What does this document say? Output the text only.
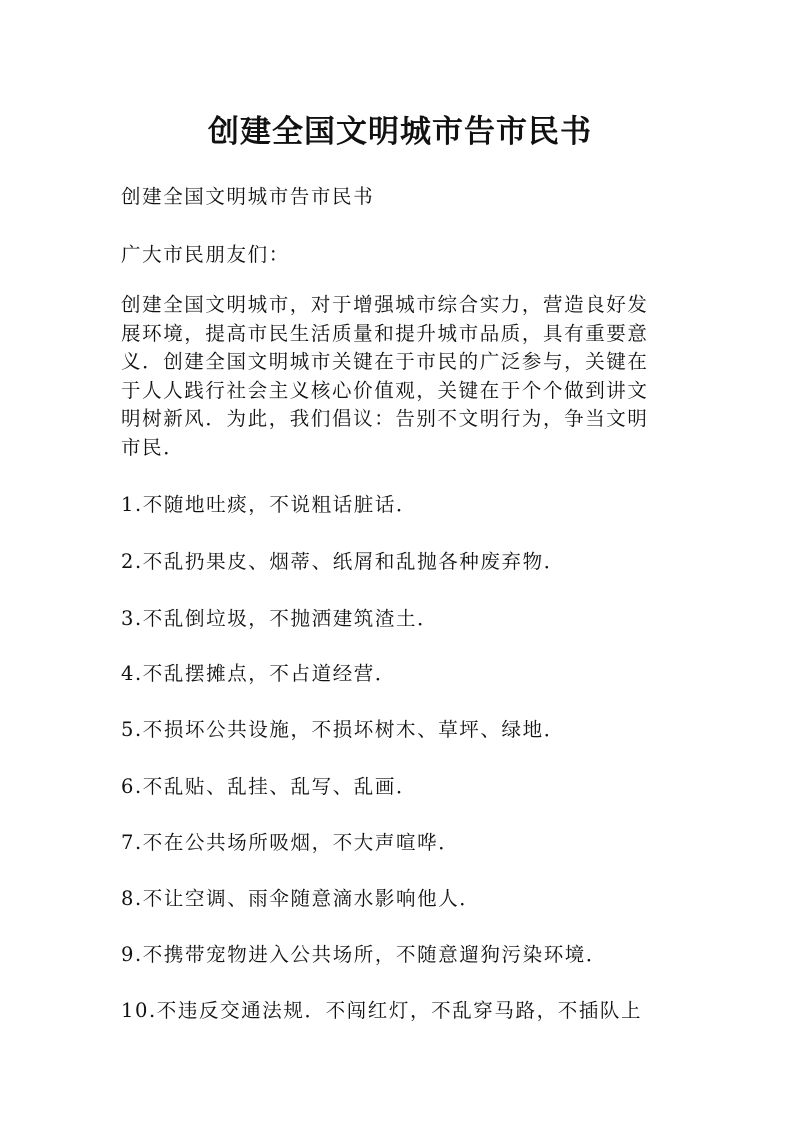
创建全国文明城市告市民书

创建全国文明城市告市民书

广大市民朋友们：

创建全国文明城市，对于增强城市综合实力，营造良好发

展环境，提高市民生活质量和提升城市品质，具有重要意

义．创建全国文明城市关键在于市民的广泛参与，关键在

于人人践行社会主义核心价值观，关键在于个个做到讲文

明树新风．为此，我们倡议：告别不文明行为，争当文明

市民．

1.不随地吐痰，不说粗话脏话．

2.不乱扔果皮、烟蒂、纸屑和乱抛各种废弃物．

3.不乱倒垃圾，不抛洒建筑渣土．

4.不乱摆摊点，不占道经营．

5.不损坏公共设施，不损坏树木、草坪、绿地．

6.不乱贴、乱挂、乱写、乱画．

7.不在公共场所吸烟，不大声喧哗．

8.不让空调、雨伞随意滴水影响他人．

9.不携带宠物进入公共场所，不随意遛狗污染环境．

10.不违反交通法规．不闯红灯，不乱穿马路，不插队上
